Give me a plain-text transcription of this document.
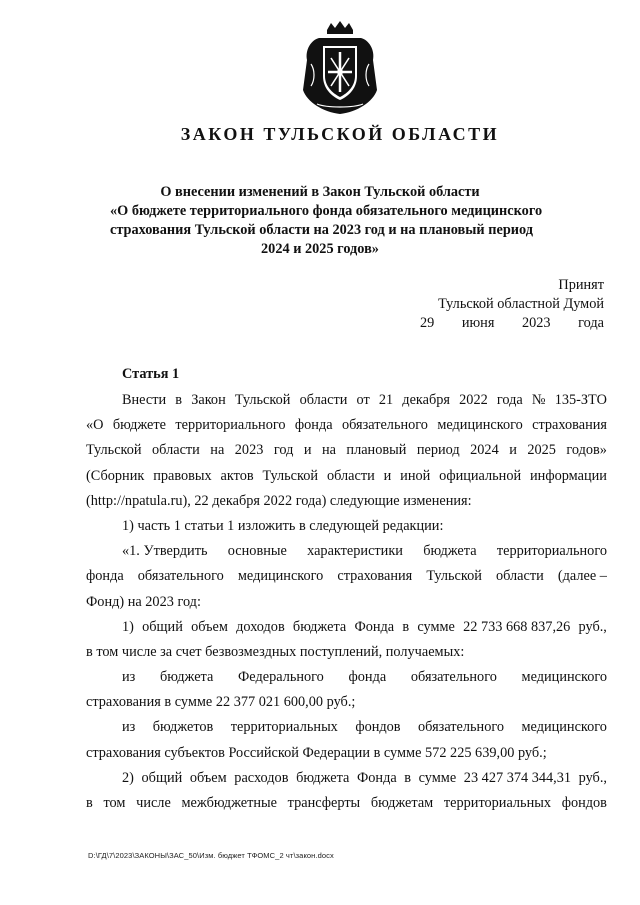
ЗАКОН ТУЛЬСКОЙ ОБЛАСТИ
О внесении изменений в Закон Тульской области
«О бюджете территориального фонда обязательного медицинского
страхования Тульской области на 2023 год и на плановый период
2024 и 2025 годов»
Принят
Тульской областной Думой
29 июня 2023 года
Статья 1
Внести в Закон Тульской области от 21 декабря 2022 года № 135-ЗТО
«О бюджете территориального фонда обязательного медицинского страхования
Тульской области на 2023 год и на плановый период 2024 и 2025 годов»
(Сборник правовых актов Тульской области и иной официальной информации
(http://npatula.ru), 22 декабря 2022 года) следующие изменения:
1) часть 1 статьи 1 изложить в следующей редакции:
«1. Утвердить основные характеристики бюджета территориального
фонда обязательного медицинского страхования Тульской области (далее –
Фонд) на 2023 год:
1) общий объем доходов бюджета Фонда в сумме 22 733 668 837,26 руб.,
в том числе за счет безвозмездных поступлений, получаемых:
из бюджета Федерального фонда обязательного медицинского
страхования в сумме 22 377 021 600,00 руб.;
из бюджетов территориальных фондов обязательного медицинского
страхования субъектов Российской Федерации в сумме 572 225 639,00 руб.;
2) общий объем расходов бюджета Фонда в сумме 23 427 374 344,31 руб.,
в том числе межбюджетные трансферты бюджетам территориальных фондов
D:\ГД\7\2023\ЗАКОНЫ\ЗАС_50\Изм. бюджет ТФОМС_2 чт\закон.docx
